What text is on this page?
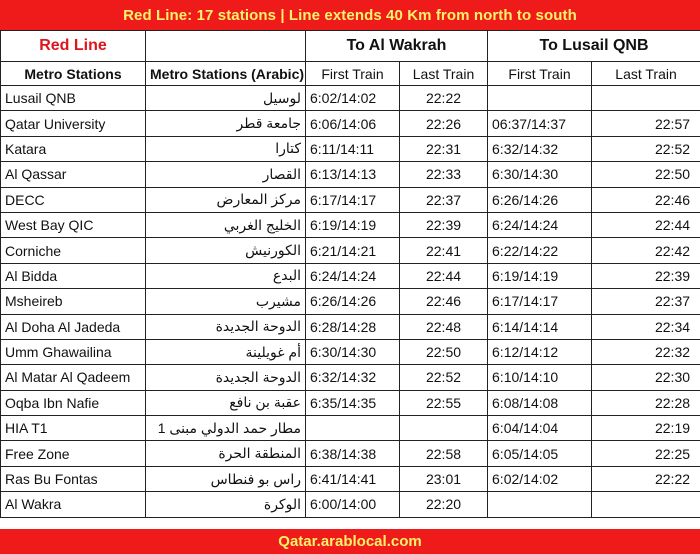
Red Line: 17 stations | Line extends 40 Km from north to south
Red Line		To Al Wakrah		To Lusail QNB	
Metro Stations	Metro Stations (Arabic)	First Train	Last Train	First Train	Last Train
Lusail QNB	لوسيل	6:02/14:02	22:22		
Qatar University	جامعة قطر	6:06/14:06	22:26	06:37/14:37	22:57
Katara	كتارا	6:11/14:11	22:31	6:32/14:32	22:52
Al Qassar	القصار	6:13/14:13	22:33	6:30/14:30	22:50
DECC	مركز المعارض	6:17/14:17	22:37	6:26/14:26	22:46
West Bay QIC	الخليج الغربي	6:19/14:19	22:39	6:24/14:24	22:44
Corniche	الكورنيش	6:21/14:21	22:41	6:22/14:22	22:42
Al Bidda	البدع	6:24/14:24	22:44	6:19/14:19	22:39
Msheireb	مشيرب	6:26/14:26	22:46	6:17/14:17	22:37
Al Doha Al Jadeda	الدوحة الجديدة	6:28/14:28	22:48	6:14/14:14	22:34
Umm Ghawailina	أم غويلينة	6:30/14:30	22:50	6:12/14:12	22:32
Al Matar Al Qadeem	الدوحة الجديدة	6:32/14:32	22:52	6:10/14:10	22:30
Oqba Ibn Nafie	عقبة بن نافع	6:35/14:35	22:55	6:08/14:08	22:28
HIA T1	مطار حمد الدولي مبنى 1			6:04/14:04	22:19
Free Zone	المنطقة الحرة	6:38/14:38	22:58	6:05/14:05	22:25
Ras Bu Fontas	راس بو فنطاس	6:41/14:41	23:01	6:02/14:02	22:22
Al Wakra	الوكرة	6:00/14:00	22:20		
Qatar.arablocal.com
